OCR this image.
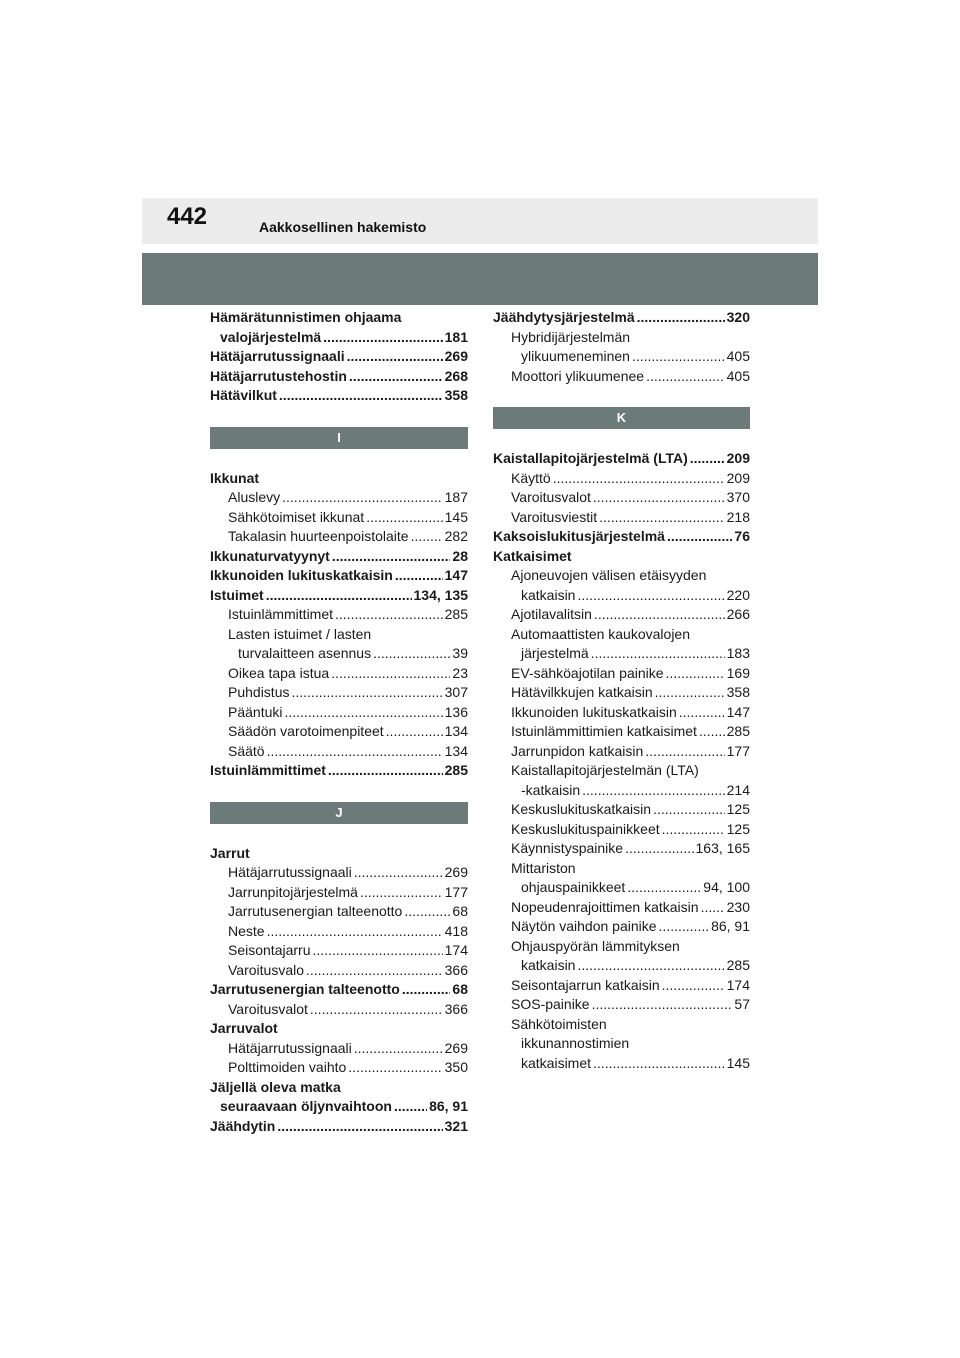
442	Aakkosellinen hakemisto
Hämärätunnistimen ohjaama
valojärjestelmä .....	181
Hätäjarrutussignaali .....	269
Hätäjarrutustehostin .....	268
Hätävilkut .....	358
I
Ikkunat
Aluslevy .....	187
Sähkötoimiset ikkunat .....	145
Takalasin huurteenpoistolaite .....	282
Ikkunaturvatyynyt .....	28
Ikkunoiden lukituskatkaisin .....	147
Istuimet .....	134, 135
Istuinlämmittimet .....	285
Lasten istuimet / lasten
turvalaitteen asennus .....	39
Oikea tapa istua .....	23
Puhdistus .....	307
Pääntuki .....	136
Säädön varotoimenpiteet .....	134
Säätö .....	134
Istuinlämmittimet .....	285
J
Jarrut
Hätäjarrutussignaali .....	269
Jarrunpitojärjestelmä .....	177
Jarrutusenergian talteenotto .....	68
Neste .....	418
Seisontajarru .....	174
Varoitusvalo .....	366
Jarrutusenergian talteenotto .....	68
Varoitusvalot .....	366
Jarruvalot
Hätäjarrutussignaali .....	269
Polttimoiden vaihto .....	350
Jäljellä oleva matka
seuraavaan öljynvaihtoon .....	86, 91
Jäähdytin .....	321
Jäähdytysjärjestelmä .....	320
Hybridijärjestelmän
ylikuumeneminen .....	405
Moottori ylikuumenee .....	405
K
Kaistallapitojärjestelmä (LTA) .....	209
Käyttö .....	209
Varoitusvalot .....	370
Varoitusviestit .....	218
Kaksoislukitusjärjestelmä .....	76
Katkaisimet
Ajoneuvojen välisen etäisyyden
katkaisin .....	220
Ajotilavalitsin .....	266
Automaattisten kaukovalojen
järjestelmä .....	183
EV-sähköajotilan painike .....	169
Hätävilkkujen katkaisin .....	358
Ikkunoiden lukituskatkaisin .....	147
Istuinlämmittimien katkaisimet ..... 285
Jarrunpidon katkaisin .....	177
Kaistallapitojärjestelmän (LTA)
-katkaisin .....	214
Keskuslukituskatkaisin .....	125
Keskuslukituspainikkeet .....	125
Käynnistyspainike .....	163, 165
Mittariston
ohjauspainikkeet .....	94, 100
Nopeudenrajoittimen katkaisin ..... 230
Näytön vaihdon painike .....	86, 91
Ohjauspyörän lämmityksen
katkaisin .....	285
Seisontajarrun katkaisin .....	174
SOS-painike .....	57
Sähkötoimisten
ikkunannostimien
katkaisimet .....	145
